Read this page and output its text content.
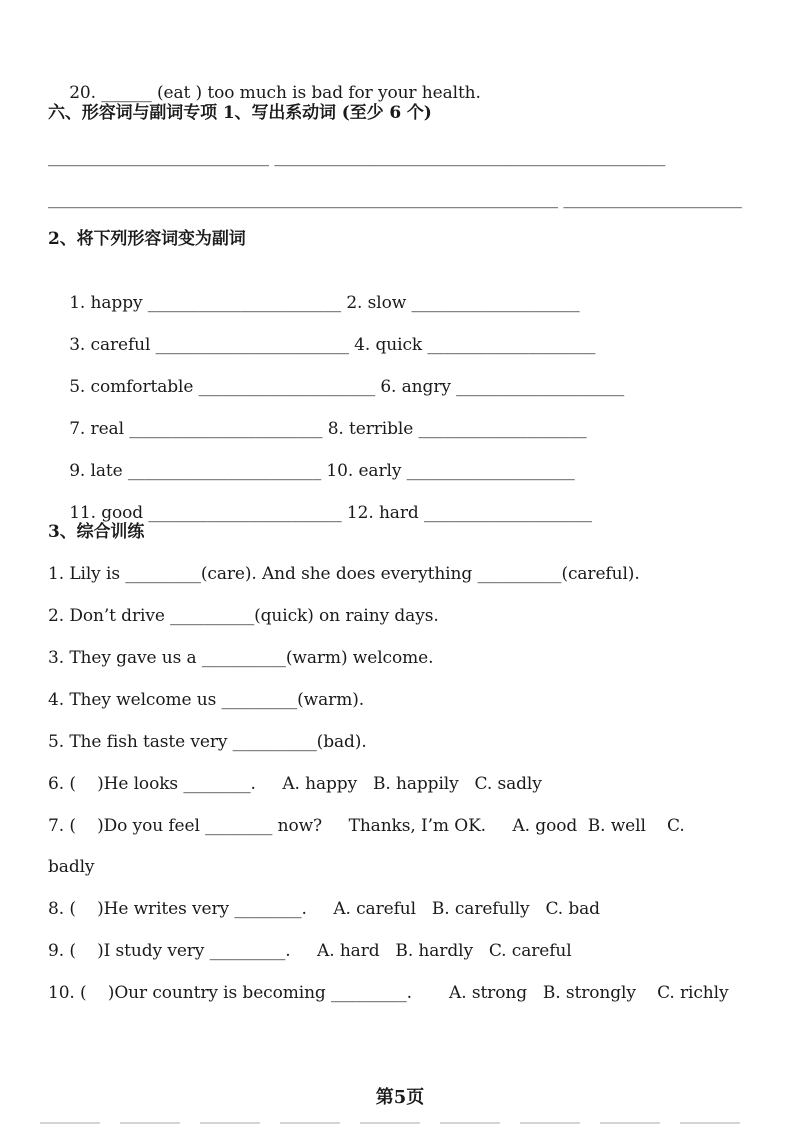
20. ______ (eat ) too much is bad for your health.

六、形容词与副词专项 1、写出系动词 (至少 6 个)
__________________________ ______________________________________________
____________________________________________________________ _____________________
2、将下列形容词变为副词

1. happy _______________________ 2. slow ____________________

3. careful _______________________ 4. quick ____________________

5. comfortable _____________________ 6. angry ____________________

7. real _______________________ 8. terrible ____________________

9. late _______________________ 10. early ____________________

11. good _______________________ 12. hard ____________________

3、综合训练
1. Lily is _________(care). And she does everything __________(careful).
2. Don’t drive __________(quick) on rainy days.
3. They gave us a __________(warm) welcome.
4. They welcome us _________(warm).
5. The fish taste very __________(bad).
6. (    )He looks ________.     A. happy   B. happily   C. sadly
7. (    )Do you feel ________ now?     Thanks, I’m OK.     A. good  B. well    C.
badly
8. (    )He writes very ________.     A. careful   B. carefully   C. bad
9. (    )I study very _________.     A. hard   B. hardly   C. careful
10. (    )Our country is becoming _________.       A. strong   B. strongly    C. richly
第5页
